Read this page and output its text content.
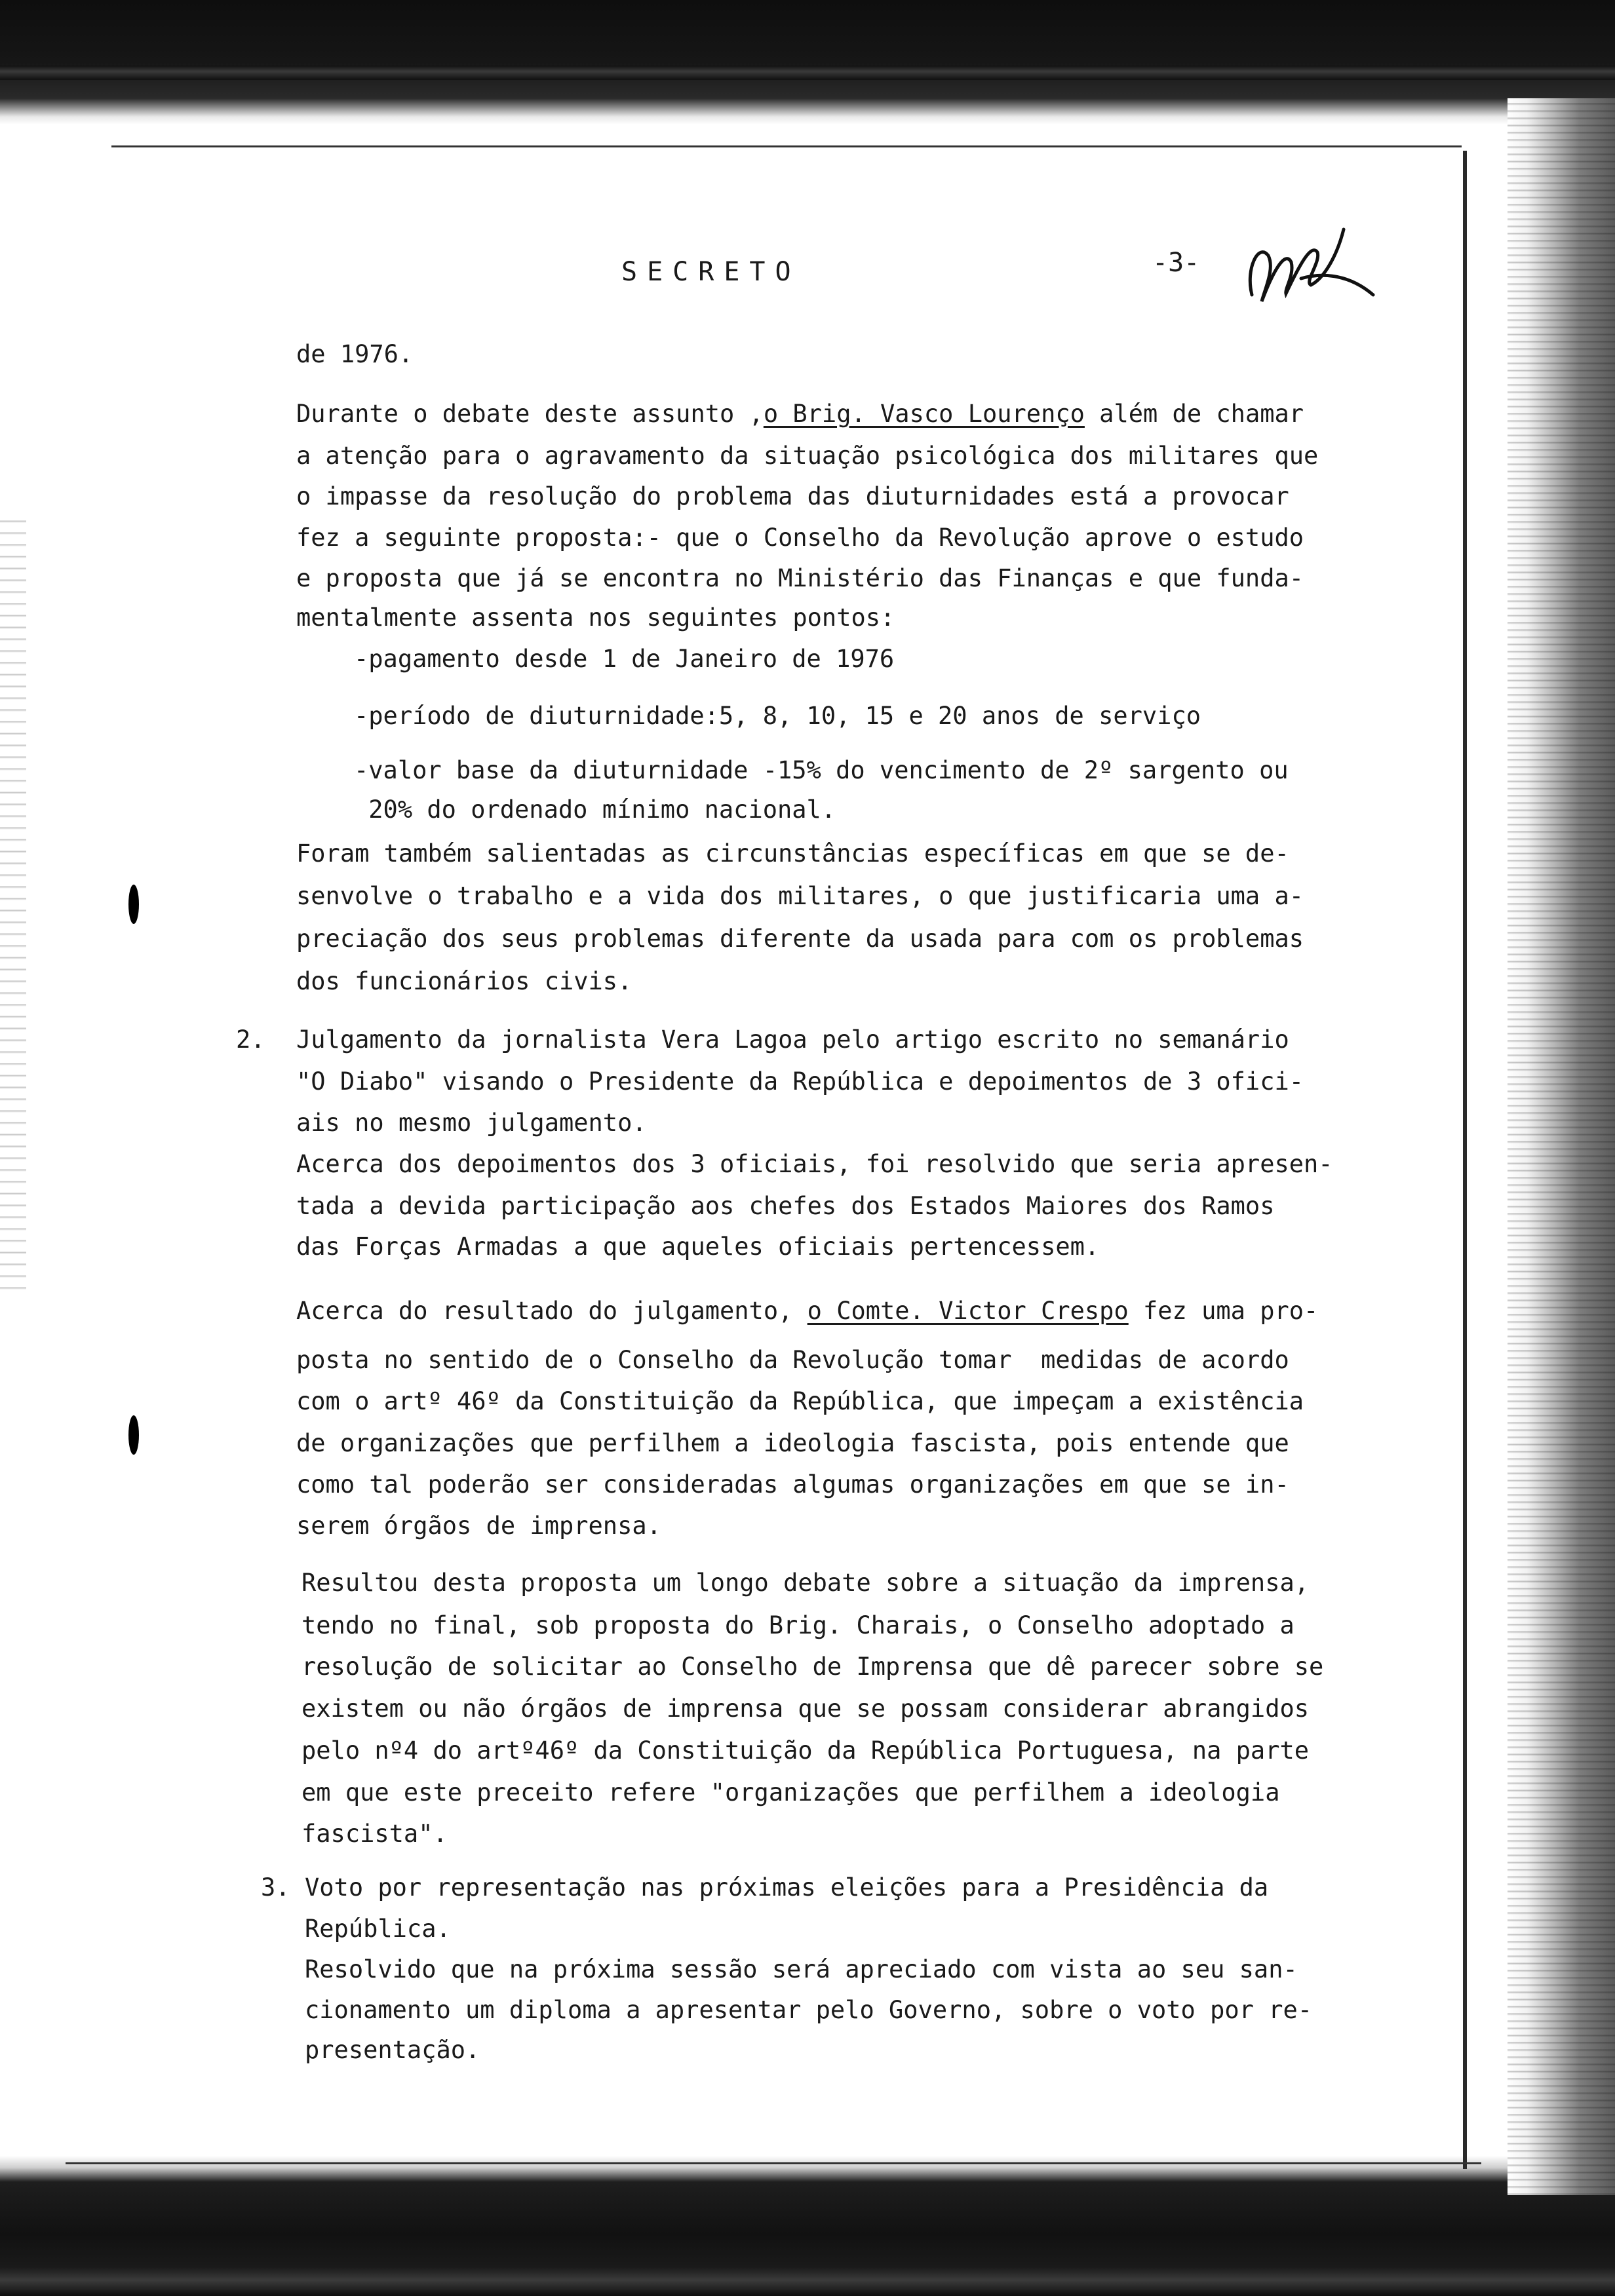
SECRETO	-3-
de 1976.
Durante o debate deste assunto ,o Brig. Vasco Lourenço além de chamar
a atenção para o agravamento da situação psicológica dos militares que
o impasse da resolução do problema das diuturnidades está a provocar
fez a seguinte proposta:- que o Conselho da Revolução aprove o estudo
e proposta que já se encontra no Ministério das Finanças e que funda-
mentalmente assenta nos seguintes pontos:
-pagamento desde 1 de Janeiro de 1976
-período de diuturnidade:5, 8, 10, 15 e 20 anos de serviço
-valor base da diuturnidade -15% do vencimento de 2º sargento ou
20% do ordenado mínimo nacional.
Foram também salientadas as circunstâncias específicas em que se de-
senvolve o trabalho e a vida dos militares, o que justificaria uma a-
preciação dos seus problemas diferente da usada para com os problemas
dos funcionários civis.
2. Julgamento da jornalista Vera Lagoa pelo artigo escrito no semanário
"O Diabo" visando o Presidente da República e depoimentos de 3 ofici-
ais no mesmo julgamento.
Acerca dos depoimentos dos 3 oficiais, foi resolvido que seria apresen-
tada a devida participação aos chefes dos Estados Maiores dos Ramos
das Forças Armadas a que aqueles oficiais pertencessem.
Acerca do resultado do julgamento, o Comte. Victor Crespo fez uma pro-
posta no sentido de o Conselho da Revolução tomar  medidas de acordo
com o artº 46º da Constituição da República, que impeçam a existência
de organizações que perfilhem a ideologia fascista, pois entende que
como tal poderão ser consideradas algumas organizações em que se in-
serem órgãos de imprensa.
Resultou desta proposta um longo debate sobre a situação da imprensa,
tendo no final, sob proposta do Brig. Charais, o Conselho adoptado a
resolução de solicitar ao Conselho de Imprensa que dê parecer sobre se
existem ou não órgãos de imprensa que se possam considerar abrangidos
pelo nº4 do artº46º da Constituição da República Portuguesa, na parte
em que este preceito refere "organizações que perfilhem a ideologia
fascista".
3. Voto por representação nas próximas eleições para a Presidência da
República.
Resolvido que na próxima sessão será apreciado com vista ao seu san-
cionamento um diploma a apresentar pelo Governo, sobre o voto por re-
presentação.
